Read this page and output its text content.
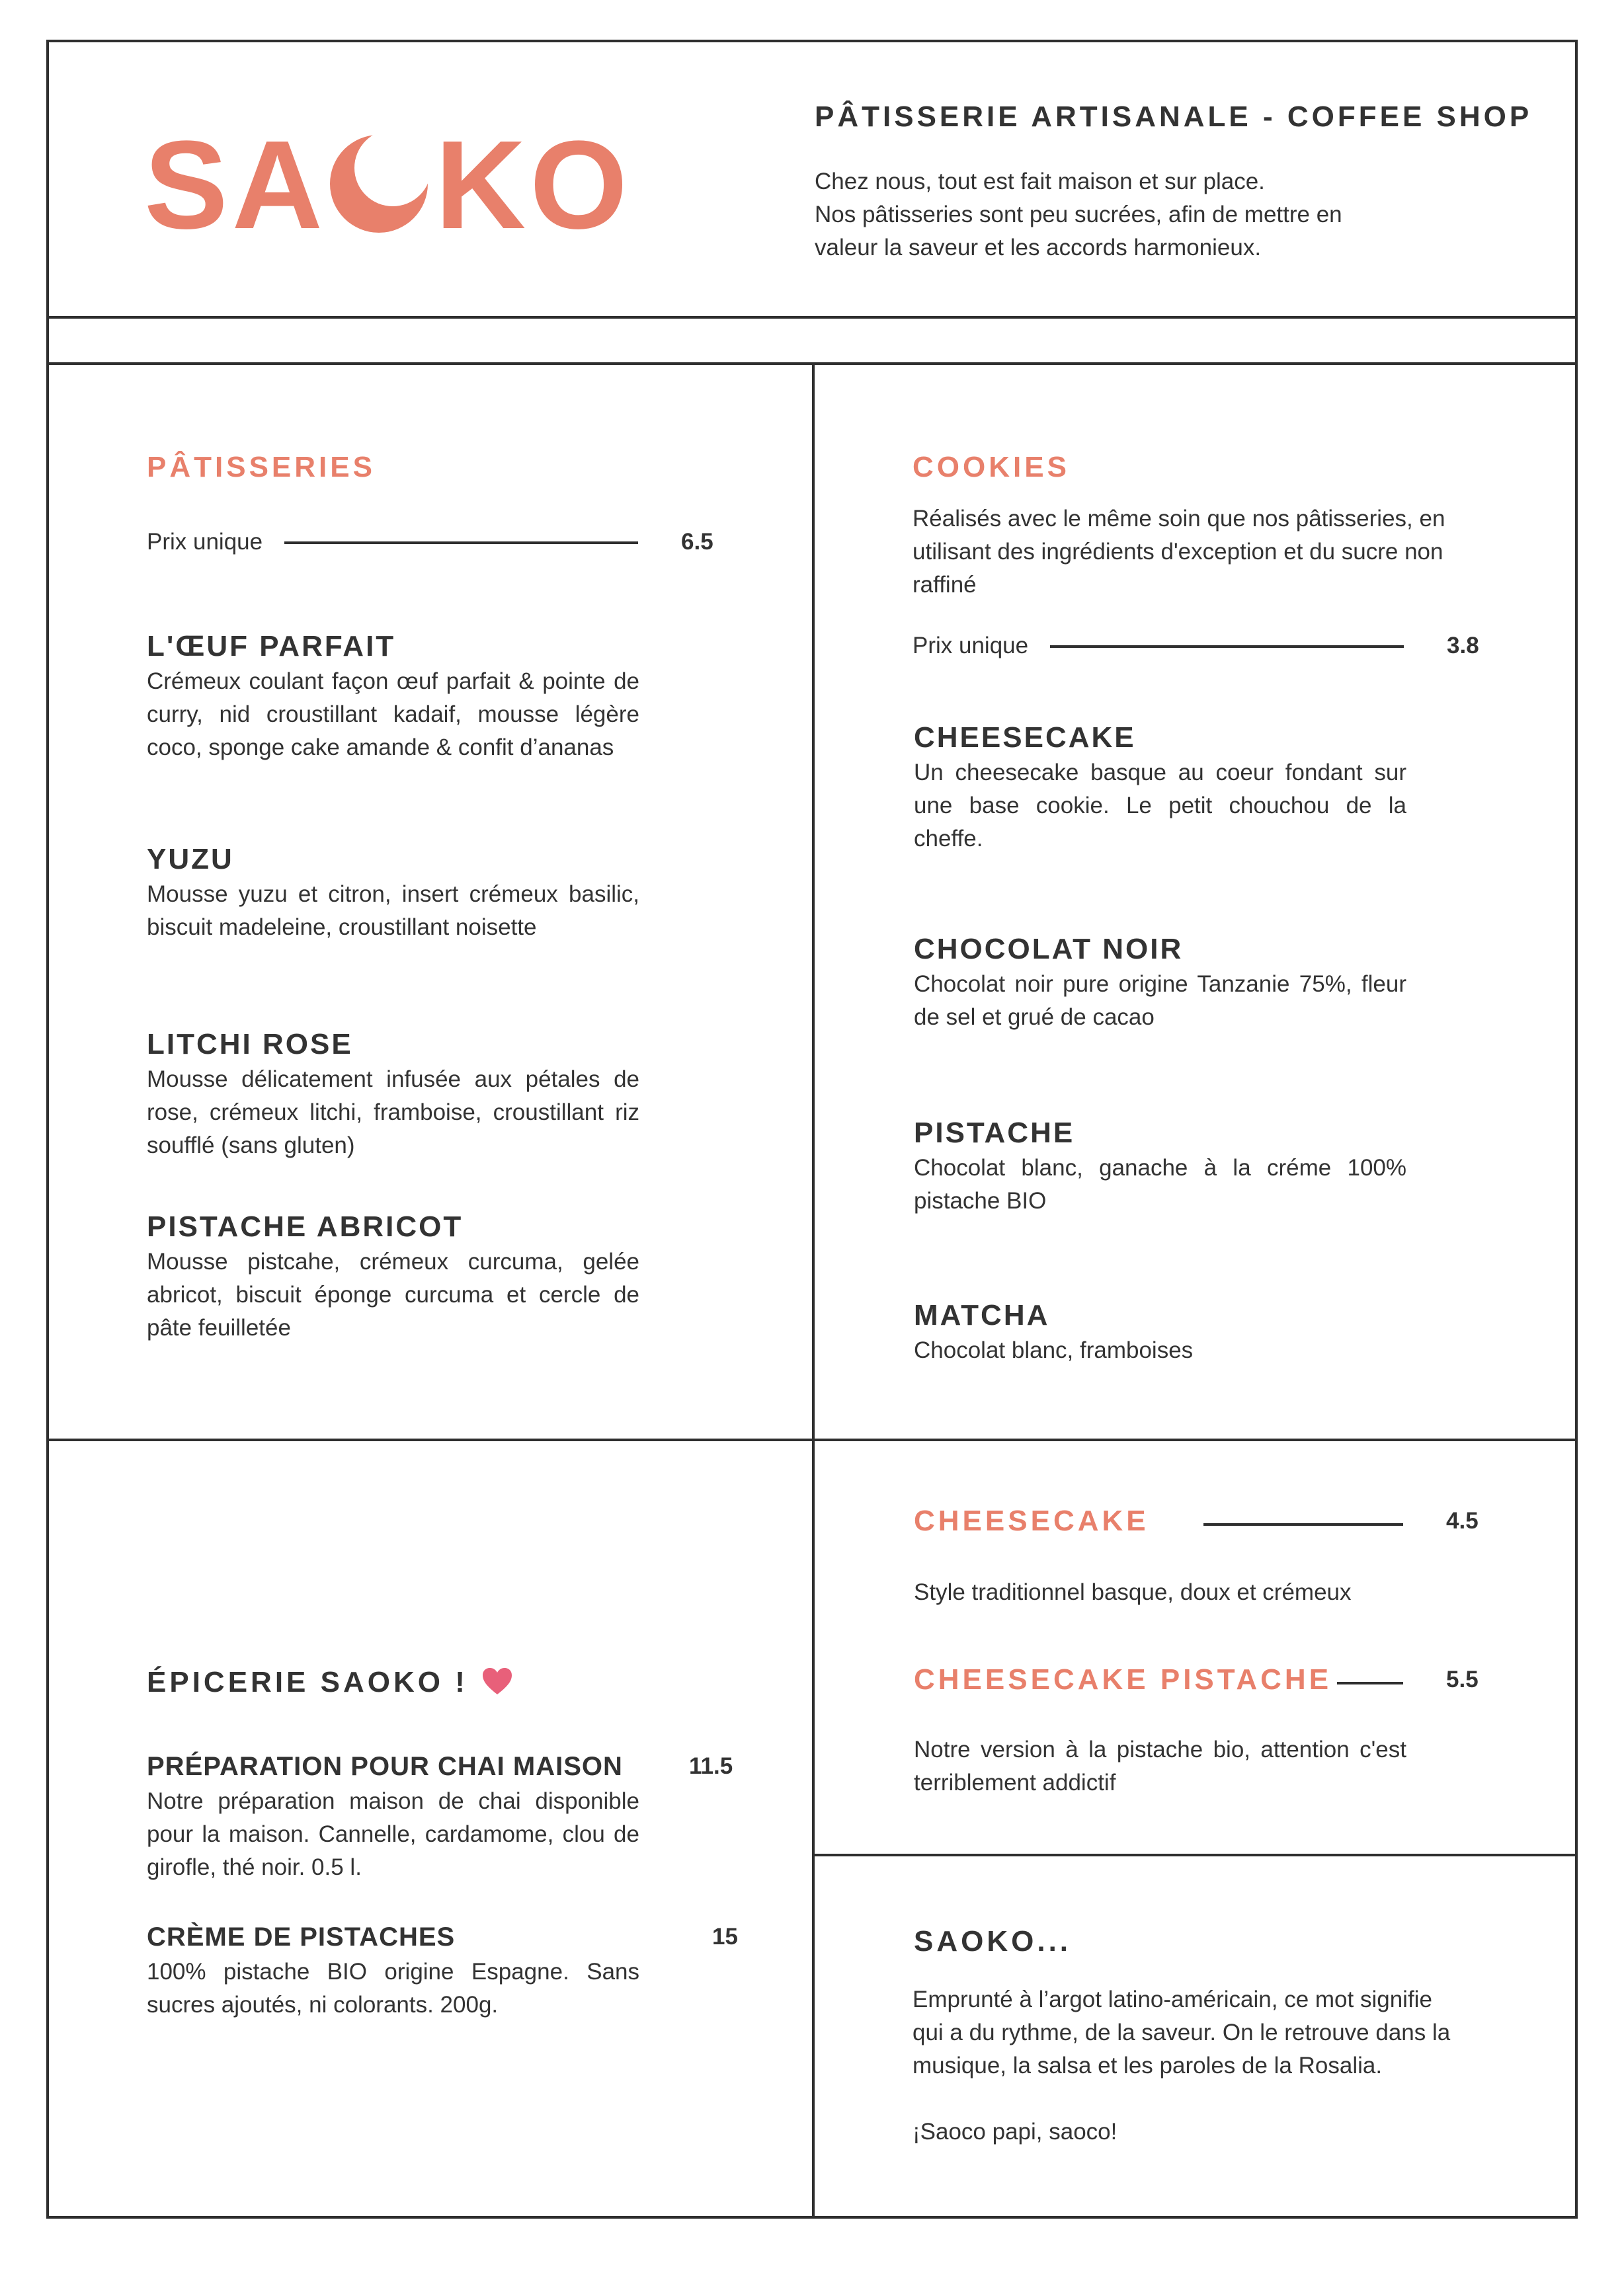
SA KO	PÂTISSERIE ARTISANALE - COFFEE SHOP
Chez nous, tout est fait maison et sur place.
Nos pâtisseries sont peu sucrées, afin de mettre en
valeur la saveur et les accords harmonieux.
PÂTISSERIES
Prix unique	6.5
L'ŒUF PARFAIT
Crémeux coulant façon œuf parfait & pointe de curry, nid croustillant kadaif, mousse légère coco, sponge cake amande & confit d’ananas
YUZU
Mousse yuzu et citron, insert crémeux basilic, biscuit madeleine, croustillant noisette
LITCHI ROSE
Mousse délicatement infusée aux pétales de rose, crémeux litchi, framboise, croustillant riz soufflé (sans gluten)
PISTACHE ABRICOT
Mousse pistcahe, crémeux curcuma, gelée abricot, biscuit éponge curcuma et cercle de pâte feuilletée
COOKIES
Réalisés avec le même soin que nos pâtisseries, en
utilisant des ingrédients d'exception et du sucre non
raffiné
Prix unique	3.8
CHEESECAKE
Un cheesecake basque au coeur fondant sur une base cookie. Le petit chouchou de la cheffe.
CHOCOLAT NOIR
Chocolat noir pure origine Tanzanie 75%, fleur de sel et grué de cacao
PISTACHE
Chocolat blanc, ganache à la créme 100% pistache BIO
MATCHA
Chocolat blanc, framboises
ÉPICERIE SAOKO !
PRÉPARATION POUR CHAI MAISON	11.5
Notre préparation maison de chai disponible pour la maison. Cannelle, cardamome, clou de girofle, thé noir. 0.5 l.
CRÈME DE PISTACHES	15
100% pistache BIO origine Espagne. Sans sucres ajoutés, ni colorants. 200g.
CHEESECAKE	4.5
Style traditionnel basque, doux et crémeux
CHEESECAKE PISTACHE	5.5
Notre version à la pistache bio, attention c'est terriblement addictif
SAOKO...
Emprunté à l’argot latino-américain, ce mot signifie
qui a du rythme, de la saveur. On le retrouve dans la
musique, la salsa et les paroles de la Rosalia.
¡Saoco papi, saoco!
